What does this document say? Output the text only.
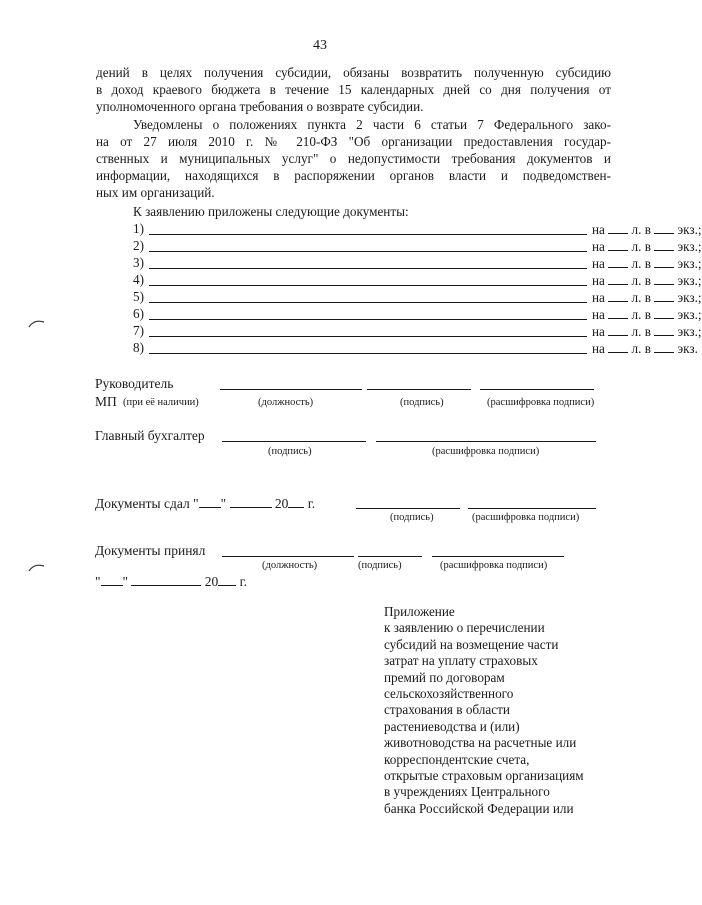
43
дений в целях получения субсидии, обязаны возвратить полученную субсидию
в доход краевого бюджета в течение 15 календарных дней со дня получения от
уполномоченного органа требования о возврате субсидии.
Уведомлены о положениях пункта 2 части 6 статьи 7 Федерального зако-
на от 27 июля 2010 г. № 210-ФЗ "Об организации предоставления государ-
ственных и муниципальных услуг" о недопустимости требования документов и
информации, находящихся в распоряжении органов власти и подведомствен-
ных им организаций.
К заявлению приложены следующие документы:
1)	на л. в экз.;
2)	на л. в экз.;
3)	на л. в экз.;
4)	на л. в экз.;
5)	на л. в экз.;
6)	на л. в экз.;
7)	на л. в экз.;
8)	на л. в экз.
Руководитель
МП (при её наличии)	(должность)	(подпись)	(расшифровка подписи)
Главный бухгалтер
(подпись)	(расшифровка подписи)
Документы сдал " "	20 г.
(подпись)	(расшифровка подписи)
Документы принял
(должность)	(подпись)	(расшифровка подписи)
" "	20 г.
Приложение
к заявлению о перечислении
субсидий на возмещение части
затрат на уплату страховых
премий по договорам
сельскохозяйственного
страхования в области
растениеводства и (или)
животноводства на расчетные или
корреспондентские счета,
открытые страховым организациям
в учреждениях Центрального
банка Российской Федерации или
